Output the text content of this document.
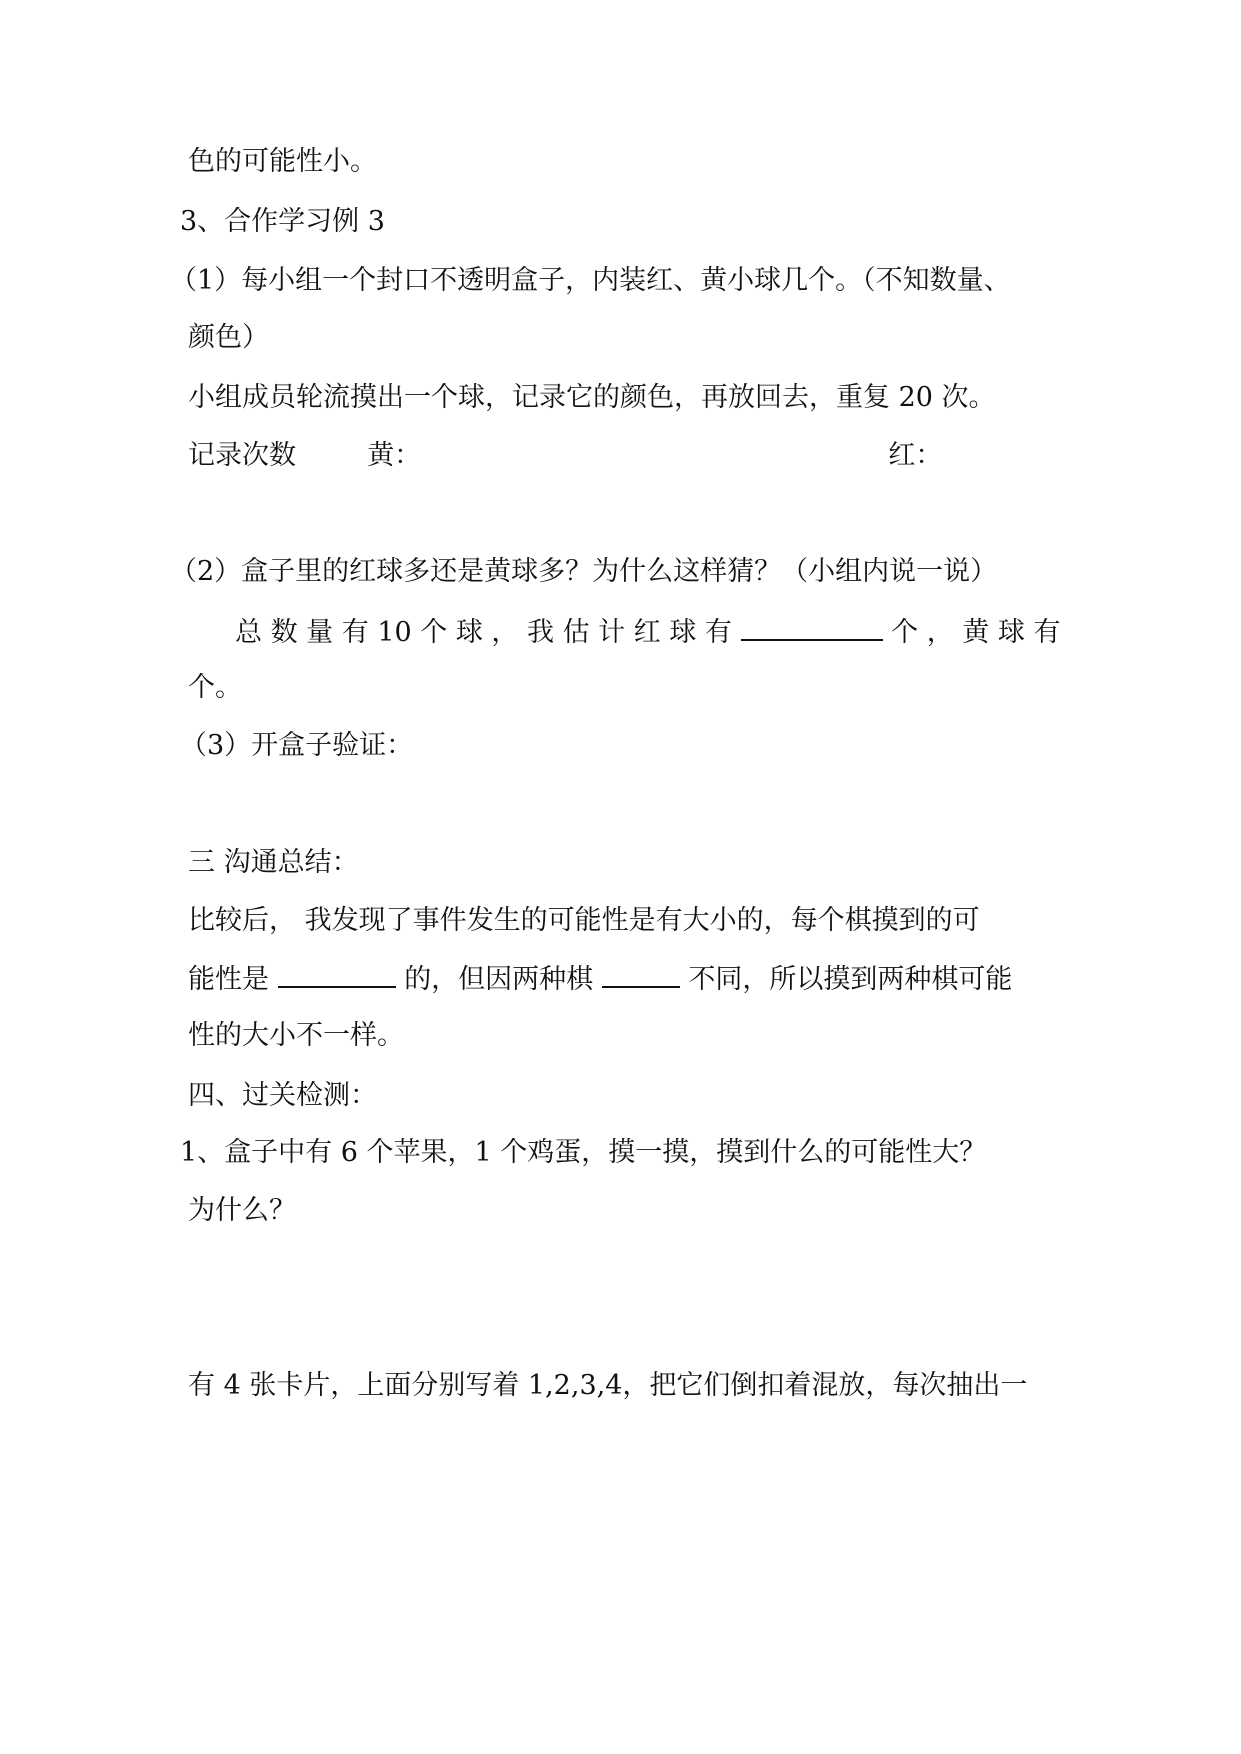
色的可能性小。
3、合作学习例 3
（1）每小组一个封口不透明盒子，内装红、黄小球几个。（不知数量、
颜色）
小组成员轮流摸出一个球，记录它的颜色，再放回去，重复 20 次。
记录次数	黄：	红：
（2）盒子里的红球多还是黄球多？为什么这样猜？（小组内说一说）
总 数 量 有 10 个 球 ， 我 估 计 红 球 有	个 ， 黄 球 有
个。
（3）开盒子验证：
三 沟通总结：
比较后， 我发现了事件发生的可能性是有大小的，每个棋摸到的可
能性是	的，但因两种棋	不同，所以摸到两种棋可能
性的大小不一样。
四、过关检测：
1、盒子中有 6 个苹果，1 个鸡蛋，摸一摸，摸到什么的可能性大？
为什么？
有 4 张卡片，上面分别写着 1,2,3,4，把它们倒扣着混放，每次抽出一
